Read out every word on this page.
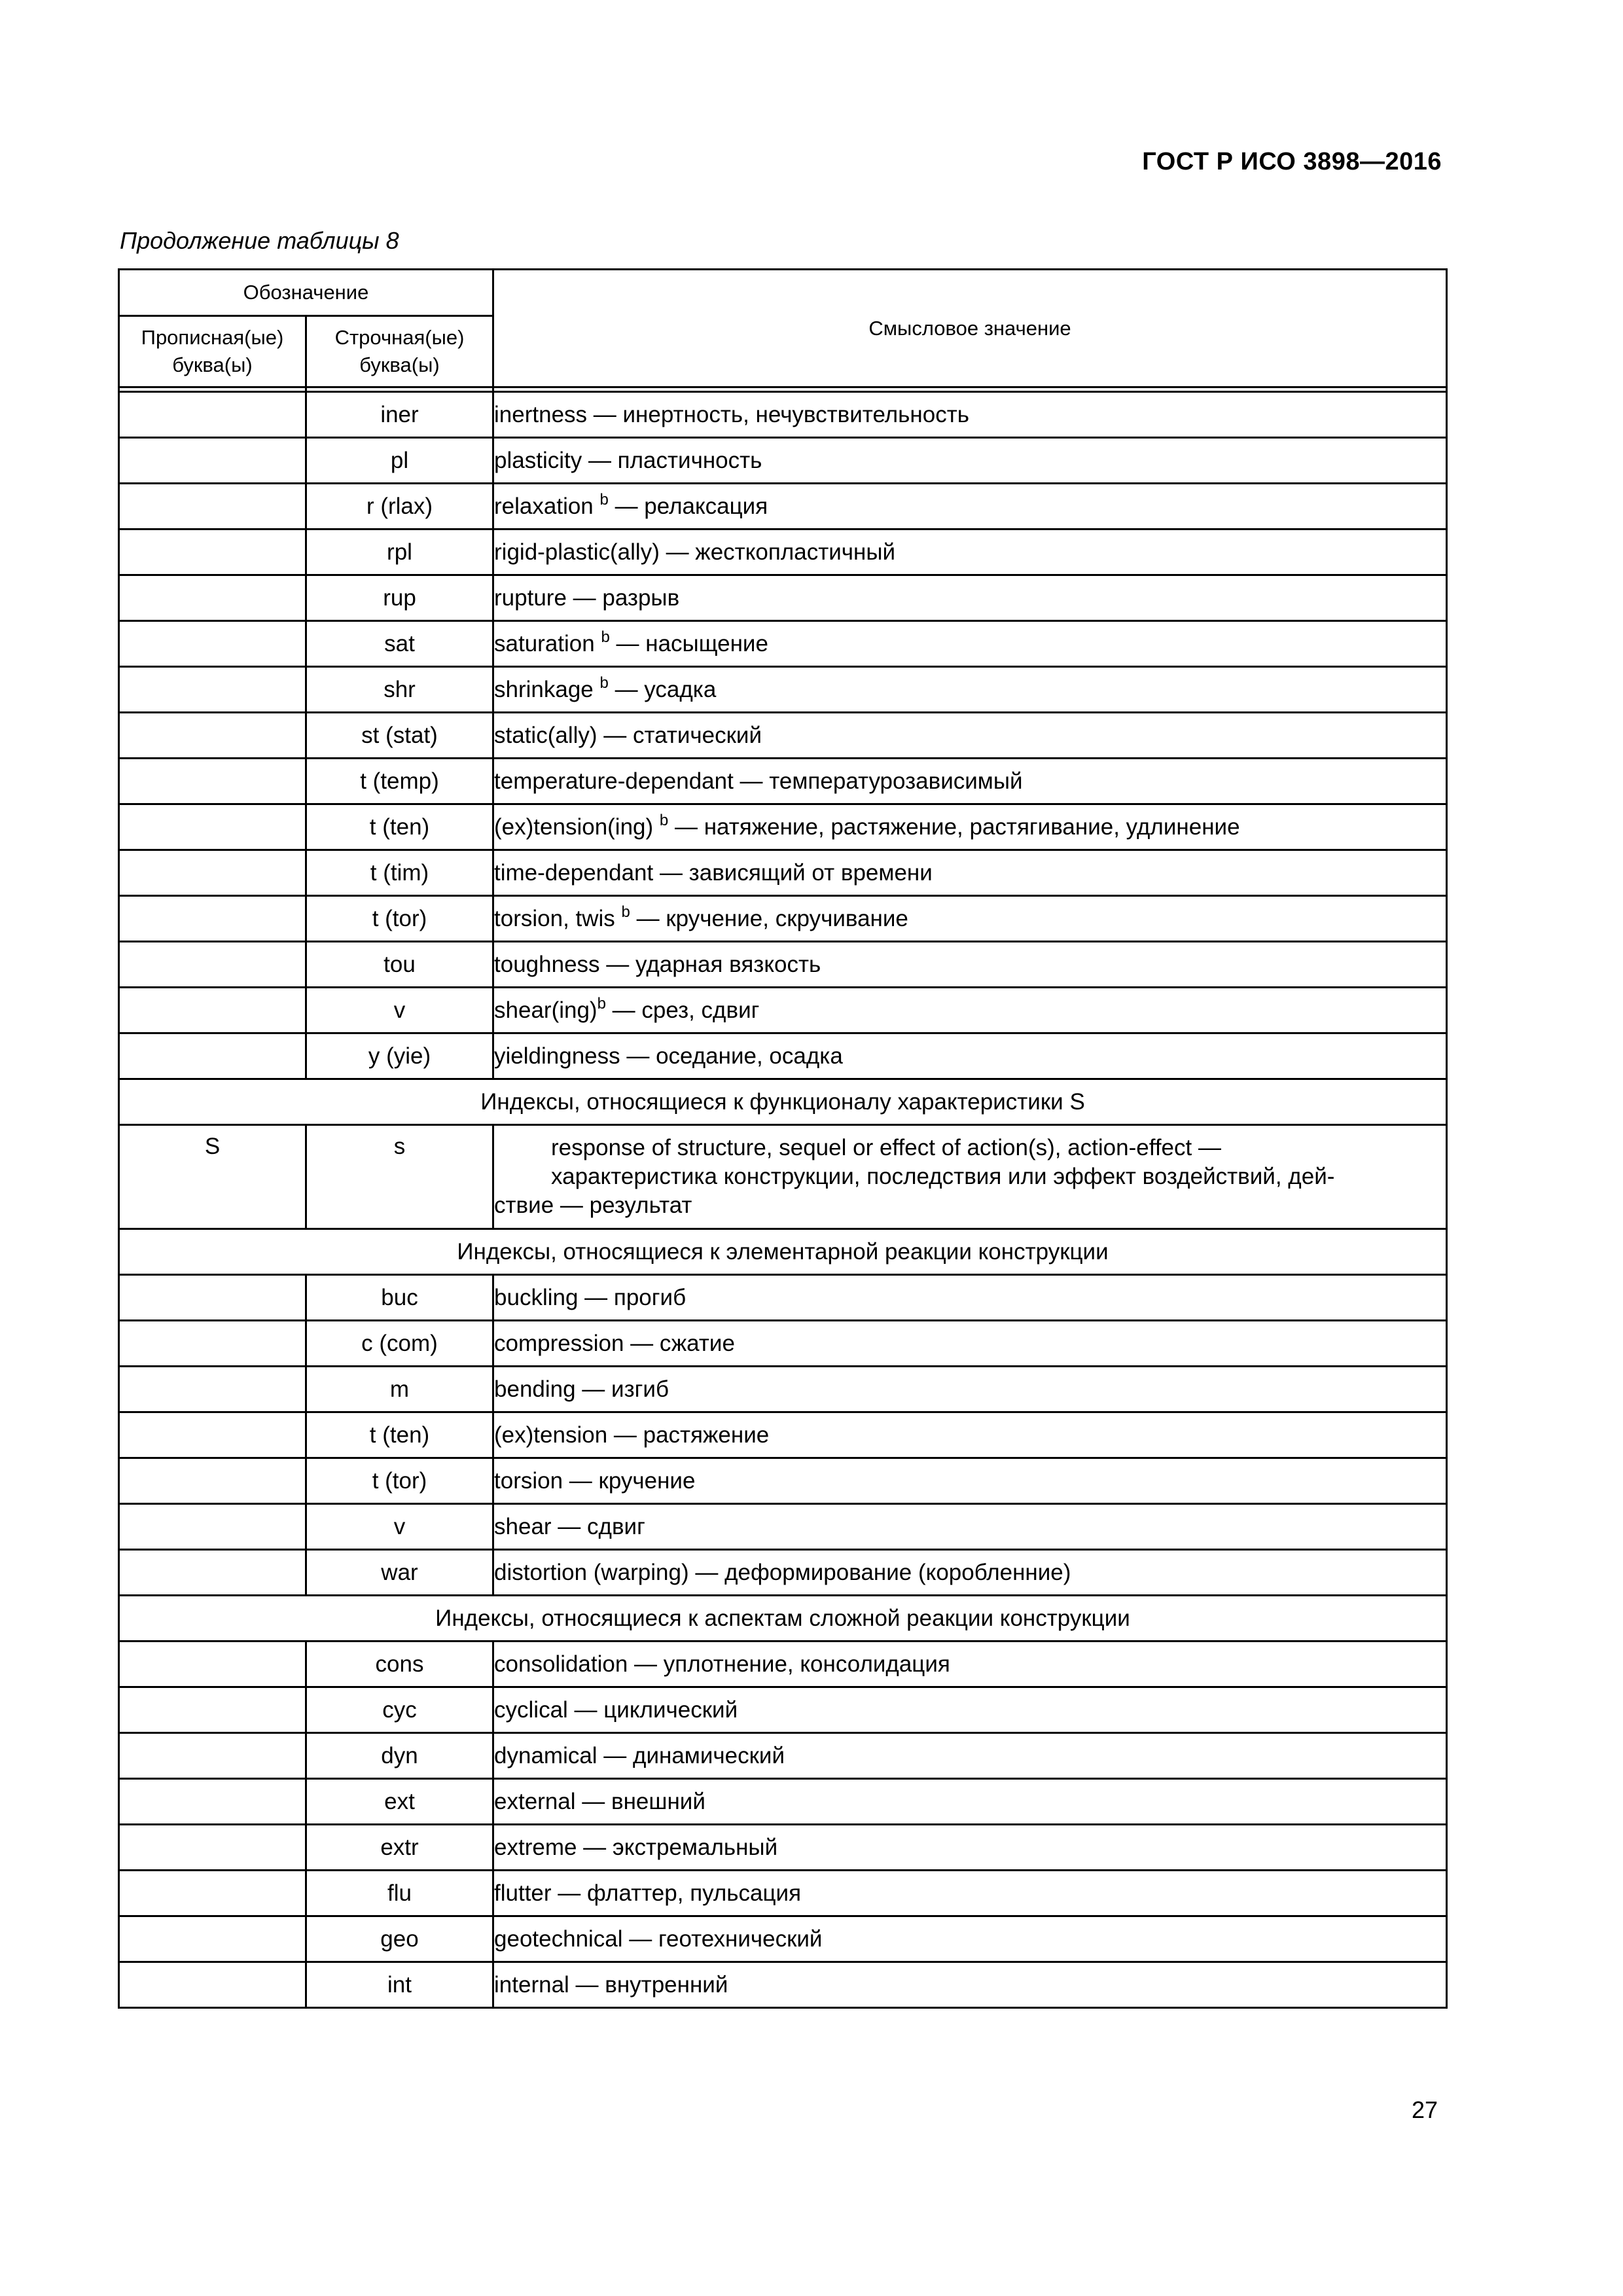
ГОСТ Р ИСО 3898—2016
Продолжение таблицы 8
Обозначение		Смысловое значение
Прописная(ые) буква(ы)	Строчная(ые) буква(ы)	

	iner	inertness — инертность, нечувствительность
	pl	plasticity — пластичность
	r (rlax)	relaxation $^b$ — релаксация
	rpl	rigid-plastic(ally) — жесткопластичный
	rup	rupture — разрыв
	sat	saturation $^b$ — насыщение
	shr	shrinkage $^b$ — усадка
	st (stat)	static(ally) — статический
	t (temp)	temperature-dependant — температурозависимый
	t (ten)	(ex)tension(ing) $^b$ — натяжение, растяжение, растягивание, удлинение
	t (tim)	time-dependant — зависящий от времени
	t (tor)	torsion, twis $^b$ — кручение, скручивание
	tou	toughness — ударная вязкость
	v	shear(ing)$^b$ — срез, сдвиг
	y (yie)	yieldingness — оседание, осадка
Индексы, относящиеся к функционалу характеристики S		
S	s	response of structure, sequel or effect of action(s), action-effect —
характеристика конструкции, последствия или эффект воздействий, дей-
ствие — результат

Индексы, относящиеся к элементарной реакции конструкции		
	buc	buckling — прогиб
	c (com)	compression — сжатие
	m	bending — изгиб
	t (ten)	(ex)tension — растяжение
	t (tor)	torsion — кручение
	v	shear — сдвиг
	war	distortion (warping) — деформирование (коробленние)
Индексы, относящиеся к аспектам сложной реакции конструкции		
	cons	consolidation — уплотнение, консолидация
	cyc	cyclical — циклический
	dyn	dynamical — динамический
	ext	external — внешний
	extr	extreme — экстремальный
	flu	flutter — флаттер, пульсация
	geo	geotechnical — геотехнический
	int	internal — внутренний
27
